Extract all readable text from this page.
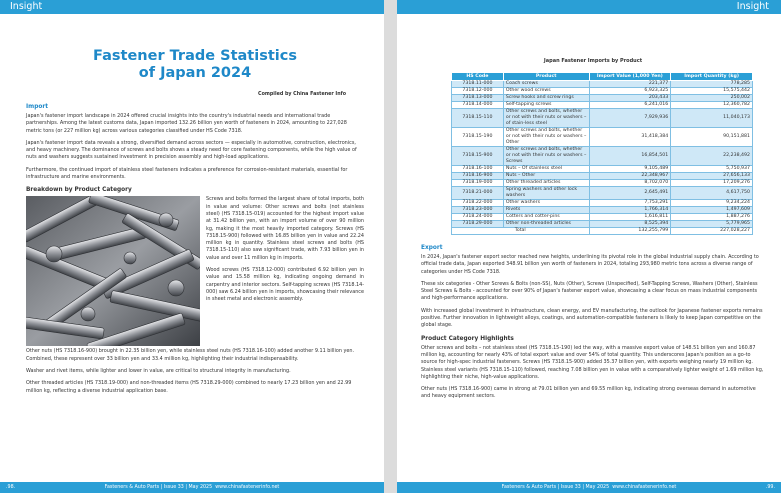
Insight
Fastener Trade Statistics
of Japan 2024
Compiled by China Fastener Info
Import

Japan's fastener import landscape in 2024 offered crucial insights into the country's industrial needs and international trade partnerships. Among the latest customs data, Japan imported 132.26 billion yen worth of fasteners in 2024, amounting to 227,028 metric tons (or 227 million kg) across various categories classified under HS Code 7318.

Japan's fastener import data reveals a strong, diversified demand across sectors — especially in automotive, construction, electronics, and heavy machinery. The dominance of screws and bolts shows a steady need for core fastening components, while the high value of nuts and washers suggests sustained investment in precision assembly and high-load applications.

Furthermore, the continued import of stainless steel fasteners indicates a preference for corrosion-resistant materials, essential for infrastructure and marine environments.

Breakdown by Product Category

Screws and bolts formed the largest share of total imports, both in value and volume: Other screws and bolts (not stainless steel) (HS 7318.15-019) accounted for the highest import value at 31.42 billion yen, with an import volume of over 90 million kg, making it the most heavily imported category. Screws (HS 7318.15-900) followed with 16.85 billion yen in value and 22.24 million kg in quantity. Stainless steel screws and bolts (HS 7318.15-110) also saw significant trade, with 7.93 billion yen in value and over 11 million kg in imports.

Wood screws (HS 7318.12-000) contributed 6.92 billion yen in value and 15.58 million kg, indicating ongoing demand in carpentry and interior sectors. Self-tapping screws (HS 7318.14-000) saw 6.24 billion yen in imports, showcasing their relevance in sheet metal and electronic assembly.

Other nuts (HS 7318.16-900) brought in 22.35 billion yen, while stainless steel nuts (HS 7318.16-100) added another 9.11 billion yen. Combined, these represent over 33 billion yen and 33.4 million kg, highlighting their industrial indispensability.

Washer and rivet items, while lighter and lower in value, are critical to structural integrity in manufacturing.

Other threaded articles (HS 7318.19-000) and non-threaded items (HS 7318.29-000) combined to nearly 17.23 billion yen and 22.99 million kg, reflecting a diverse industrial application base.

Fasteners & Auto Parts | Issue 33 | May 2025 www.chinafastenerinfo.net
.98.
Insight
Japan Fastener Imports by Product
HS Code	Product	Import Value (1,000 Yen)	Import Quantity (kg)
7318.11-000	Coach screws	221,377	778,285
7318.12-000	Other wood screws	6,923,325	15,575,442
7318.13-000	Screw hooks and screw rings	203,433	250,002
7318.14-000	Self-tapping screws	6,241,016	12,360,782
7318.15-110	Other screws and bolts, whether or not with their nuts or washers – of stain-less steel	7,929,936	11,040,173
7318.15-190	Other screws and bolts, whether or not with their nuts or washers – Other	31,418,384	90,151,881
7318.15-900	Other screws and bolts, whether or not with their nuts or washers – Screws	16,854,501	22,238,492
7318.16-100	Nuts – Of stainless steel	9,105,489	5,750,937
7318.16-900	Nuts – Other	22,348,967	27,656,133
7318.19-000	Other threaded articles	8,702,070	17,209,276
7318.21-000	Spring washers and other lock washers	2,645,491	4,617,750
7318.22-000	Other washers	7,753,291	9,234,224
7318.23-000	Rivets	1,766,314	1,497,609
7318.24-000	Cotters and cotter-pins	1,616,811	1,887,276
7318.29-000	Other non-threaded articles	8,525,394	5,779,965
Total		132,255,799	227,028,227
Export

In 2024, Japan's fastener export sector reached new heights, underlining its pivotal role in the global industrial supply chain. According to official trade data, Japan exported 348.91 billion yen worth of fasteners in 2024, totaling 293,980 metric tons across a diverse range of categories under HS Code 7318.

These six categories - Other Screws & Bolts (non-SS), Nuts (Other), Screws (Unspecified), Self-Tapping Screws, Washers (Other), Stainless Steel Screws & Bolts - accounted for over 90% of Japan's fastener export value, showcasing a clear focus on mass industrial components and high-performance applications.

With increased global investment in infrastructure, clean energy, and EV manufacturing, the outlook for Japanese fastener exports remains positive. Further innovation in lightweight alloys, coatings, and automation-compatible fasteners is likely to keep Japan competitive on the global stage.

Product Category Highlights

Other screws and bolts – not stainless steel (HS 7318.15-190) led the way, with a massive export value of 148.51 billion yen and 160.87 million kg, accounting for nearly 43% of total export value and over 54% of total quantity. This underscores Japan's position as a go-to source for high-spec industrial fasteners. Screws (HS 7318.15-900) added 35.37 billion yen, with exports weighing nearly 19 million kg. Stainless steel variants (HS 7318.15-110) followed, reaching 7.08 billion yen in value with a comparatively lighter weight of 1.69 million kg, highlighting their niche, high-value applications.

Other nuts (HS 7318.16-900) came in strong at 79.01 billion yen and 69.55 million kg, indicating strong overseas demand in automotive and heavy equipment sectors.

Fasteners & Auto Parts | Issue 33 | May 2025 www.chinafastenerinfo.net	.99.
